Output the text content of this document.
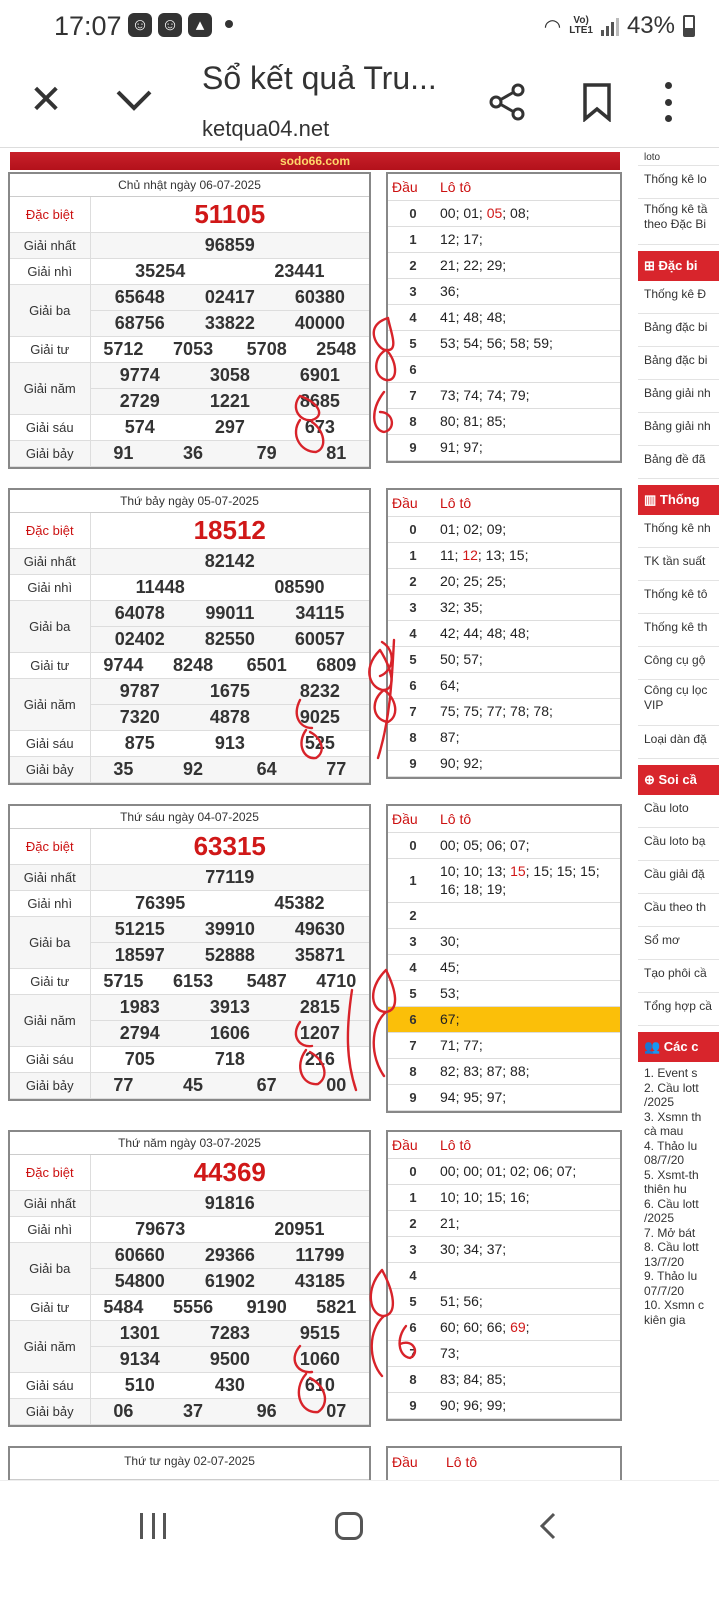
17:07 ☺ ☺	▴	◠	Vo)
LTE1 43%
✕	Sổ kết quả Tru...
ketqua04.net
sodo66.com
Chủ nhật ngày 06-07-2025						
Đặc biệt	51105					
Giải nhất	96859					
Giải nhì	35254			23441		
Giải ba	65648		02417		60380	
	68756		33822		40000	
Giải tư	5712	7053		5708		2548
Giải năm	9774		3058		6901	
	2729		1221		8685	
Giải sáu	574		297		673	
Giải bảy	91	36		79		81
Đầu	Lô tô
0	00; 01; 05; 08;
1	12; 17;
2	21; 22; 29;
3	36;
4	41; 48; 48;
5	53; 54; 56; 58; 59;
6	
7	73; 74; 74; 79;
8	80; 81; 85;
9	91; 97;
Thứ bảy ngày 05-07-2025						
Đặc biệt	18512					
Giải nhất	82142					
Giải nhì	11448			08590		
Giải ba	64078		99011		34115	
	02402		82550		60057	
Giải tư	9744	8248		6501		6809
Giải năm	9787		1675		8232	
	7320		4878		9025	
Giải sáu	875		913		525	
Giải bảy	35	92		64		77
Đầu	Lô tô
0	01; 02; 09;
1	11; 12; 13; 15;
2	20; 25; 25;
3	32; 35;
4	42; 44; 48; 48;
5	50; 57;
6	64;
7	75; 75; 77; 78; 78;
8	87;
9	90; 92;
Thứ sáu ngày 04-07-2025						
Đặc biệt	63315					
Giải nhất	77119					
Giải nhì	76395			45382		
Giải ba	51215		39910		49630	
	18597		52888		35871	
Giải tư	5715	6153		5487		4710
Giải năm	1983		3913		2815	
	2794		1606		1207	
Giải sáu	705		718		216	
Giải bảy	77	45		67		00
Đầu	Lô tô
0	00; 05; 06; 07;
1	10; 10; 13; 15; 15; 15; 15; 16; 18; 19;
2	
3	30;
4	45;
5	53;
6	67;
7	71; 77;
8	82; 83; 87; 88;
9	94; 95; 97;
Thứ năm ngày 03-07-2025						
Đặc biệt	44369					
Giải nhất	91816					
Giải nhì	79673			20951		
Giải ba	60660		29366		11799	
	54800		61902		43185	
Giải tư	5484	5556		9190		5821
Giải năm	1301		7283		9515	
	9134		9500		1060	
Giải sáu	510		430		610	
Giải bảy	06	37		96		07
Đầu	Lô tô
0	00; 00; 01; 02; 06; 07;
1	10; 10; 15; 16;
2	21;
3	30; 34; 37;
4	
5	51; 56;
6	60; 60; 66; 69;
7	73;
8	83; 84; 85;
9	90; 96; 99;
Thứ tư ngày 02-07-2025	Đầu	Lô tô
loto
Thống kê lo
Thống kê tầ theo Đặc Bi
⊞ Đặc bi
Thống kê Đ
Bảng đặc bi
Bảng đặc bi
Bảng giải nh
Bảng giải nh
Bảng đề đã
▥ Thống
Thống kê nh
TK tần suất
Thống kê tô
Thống kê th
Công cụ gộ
Công cụ lọc VIP
Loại dàn đặ
⊕ Soi cầ
Cầu loto
Cầu loto bạ
Cầu giải đặ
Cầu theo th
Sổ mơ
Tạo phôi cầ
Tổng hợp cầ
👥 Các c
1. Event s
2. Cầu lott
/2025
3. Xsmn th
cà mau
4. Thảo lu
08/7/20
5. Xsmt-th
thiên hu
6. Cầu lott
/2025
7. Mở bát
8. Cầu lott
13/7/20
9. Thảo lu
07/7/20
10. Xsmn c
kiên gia
